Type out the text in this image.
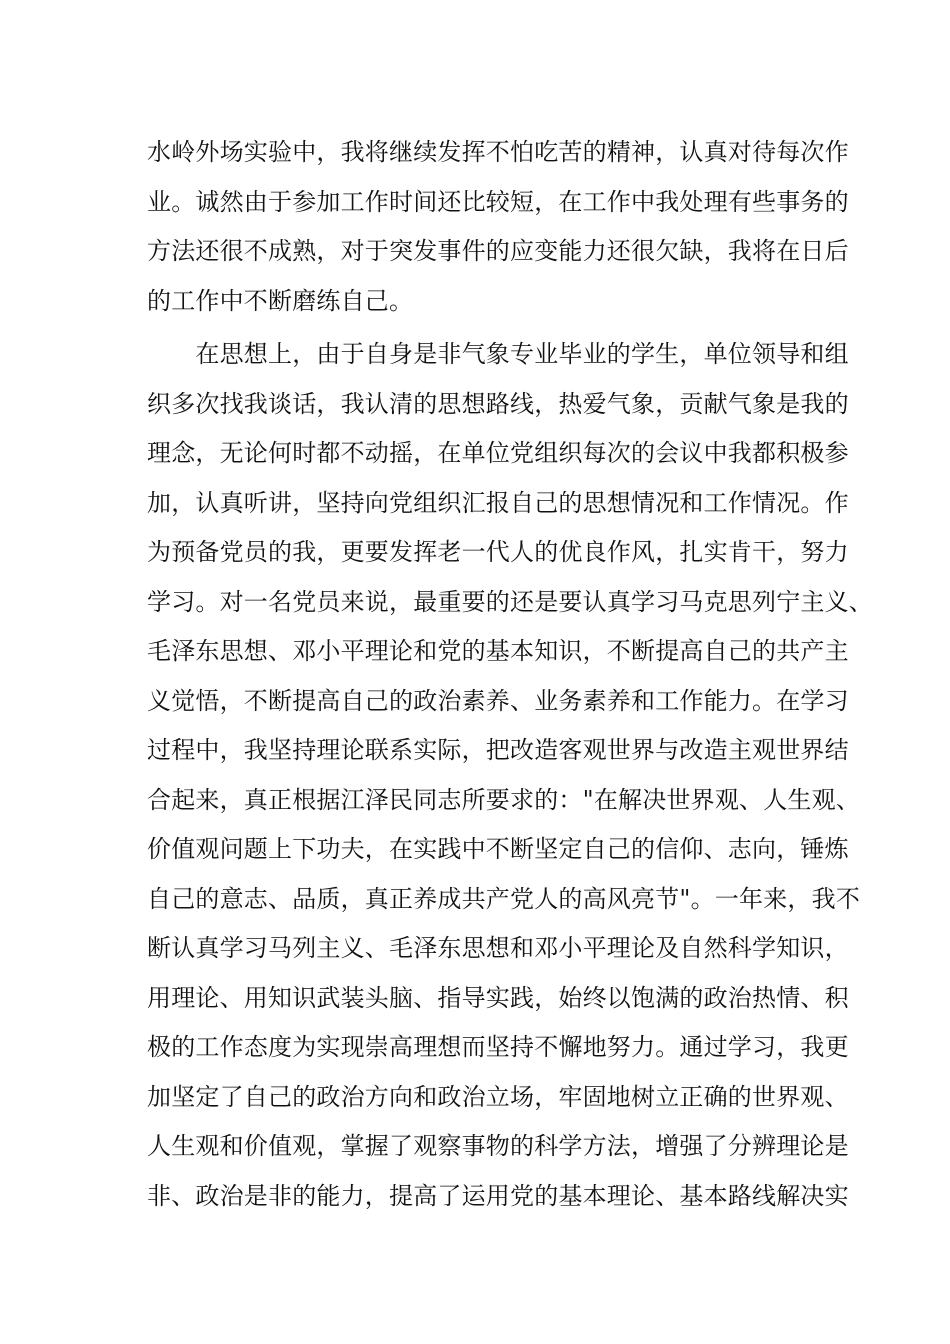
水岭外场实验中，我将继续发挥不怕吃苦的精神，认真对待每次作
业。诚然由于参加工作时间还比较短，在工作中我处理有些事务的
方法还很不成熟，对于突发事件的应变能力还很欠缺，我将在日后
的工作中不断磨练自己。
　　在思想上，由于自身是非气象专业毕业的学生，单位领导和组
织多次找我谈话，我认清的思想路线，热爱气象，贡献气象是我的
理念，无论何时都不动摇，在单位党组织每次的会议中我都积极参
加，认真听讲，坚持向党组织汇报自己的思想情况和工作情况。作
为预备党员的我，更要发挥老一代人的优良作风，扎实肯干，努力
学习。对一名党员来说，最重要的还是要认真学习马克思列宁主义、
毛泽东思想、邓小平理论和党的基本知识，不断提高自己的共产主
义觉悟，不断提高自己的政治素养、业务素养和工作能力。在学习
过程中，我坚持理论联系实际，把改造客观世界与改造主观世界结
合起来，真正根据江泽民同志所要求的："在解决世界观、人生观、
价值观问题上下功夫，在实践中不断坚定自己的信仰、志向，锤炼
自己的意志、品质，真正养成共产党人的高风亮节"。一年来，我不
断认真学习马列主义、毛泽东思想和邓小平理论及自然科学知识，
用理论、用知识武装头脑、指导实践，始终以饱满的政治热情、积
极的工作态度为实现崇高理想而坚持不懈地努力。通过学习，我更
加坚定了自己的政治方向和政治立场，牢固地树立正确的世界观、
人生观和价值观，掌握了观察事物的科学方法，增强了分辨理论是
非、政治是非的能力，提高了运用党的基本理论、基本路线解决实
